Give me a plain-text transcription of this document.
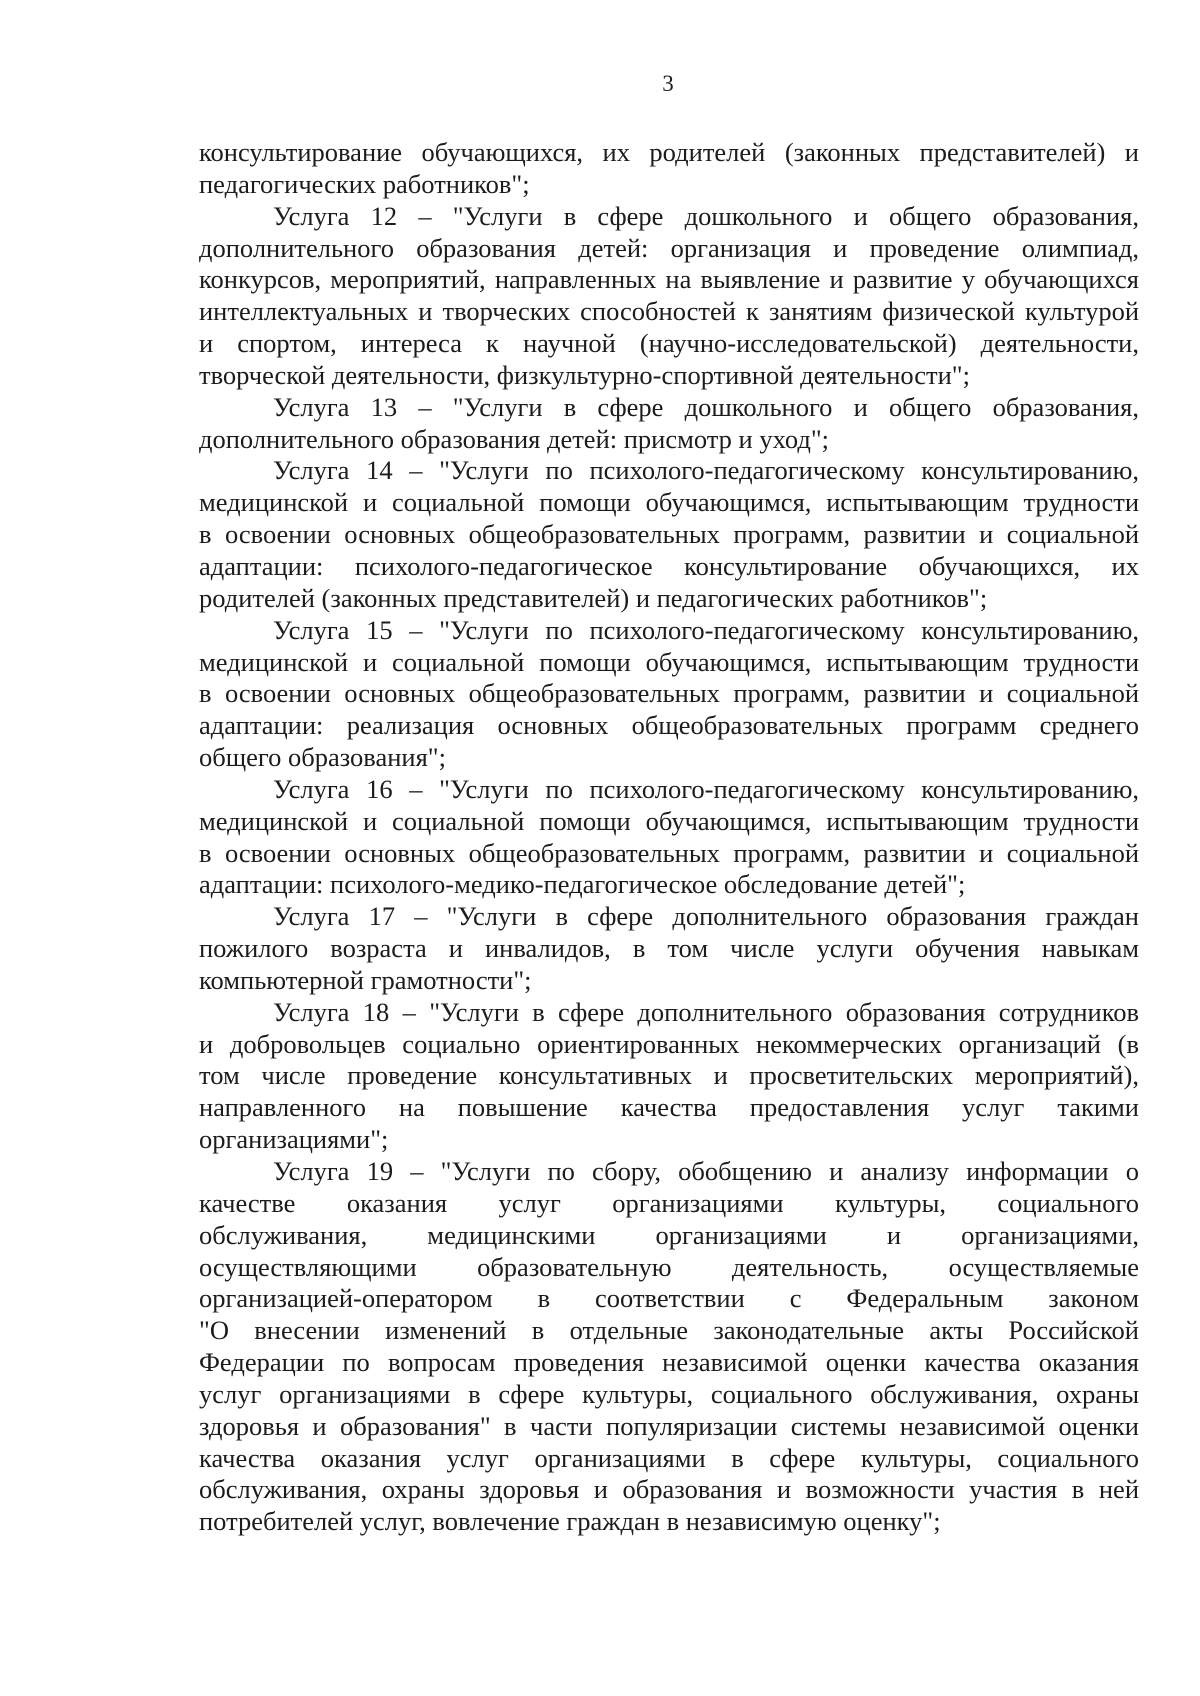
3
консультирование обучающихся, их родителей (законных представителей) и
педагогических работников";
Услуга 12 – "Услуги в сфере дошкольного и общего образования,
дополнительного образования детей: организация и проведение олимпиад,
конкурсов, мероприятий, направленных на выявление и развитие у обучающихся
интеллектуальных и творческих способностей к занятиям физической культурой
и спортом, интереса к научной (научно-исследовательской) деятельности,
творческой деятельности, физкультурно-спортивной деятельности";
Услуга 13 – "Услуги в сфере дошкольного и общего образования,
дополнительного образования детей: присмотр и уход";
Услуга 14 – "Услуги по психолого-педагогическому консультированию,
медицинской и социальной помощи обучающимся, испытывающим трудности
в освоении основных общеобразовательных программ, развитии и социальной
адаптации: психолого-педагогическое консультирование обучающихся, их
родителей (законных представителей) и педагогических работников";
Услуга 15 – "Услуги по психолого-педагогическому консультированию,
медицинской и социальной помощи обучающимся, испытывающим трудности
в освоении основных общеобразовательных программ, развитии и социальной
адаптации: реализация основных общеобразовательных программ среднего
общего образования";
Услуга 16 – "Услуги по психолого-педагогическому консультированию,
медицинской и социальной помощи обучающимся, испытывающим трудности
в освоении основных общеобразовательных программ, развитии и социальной
адаптации: психолого-медико-педагогическое обследование детей";
Услуга 17 – "Услуги в сфере дополнительного образования граждан
пожилого возраста и инвалидов, в том числе услуги обучения навыкам
компьютерной грамотности";
Услуга 18 – "Услуги в сфере дополнительного образования сотрудников
и добровольцев социально ориентированных некоммерческих организаций (в
том числе проведение консультативных и просветительских мероприятий),
направленного на повышение качества предоставления услуг такими
организациями";
Услуга 19 – "Услуги по сбору, обобщению и анализу информации о
качестве оказания услуг организациями культуры, социального
обслуживания, медицинскими организациями и организациями,
осуществляющими образовательную деятельность, осуществляемые
организацией-оператором в соответствии с Федеральным законом
"О внесении изменений в отдельные законодательные акты Российской
Федерации по вопросам проведения независимой оценки качества оказания
услуг организациями в сфере культуры, социального обслуживания, охраны
здоровья и образования" в части популяризации системы независимой оценки
качества оказания услуг организациями в сфере культуры, социального
обслуживания, охраны здоровья и образования и возможности участия в ней
потребителей услуг, вовлечение граждан в независимую оценку";
